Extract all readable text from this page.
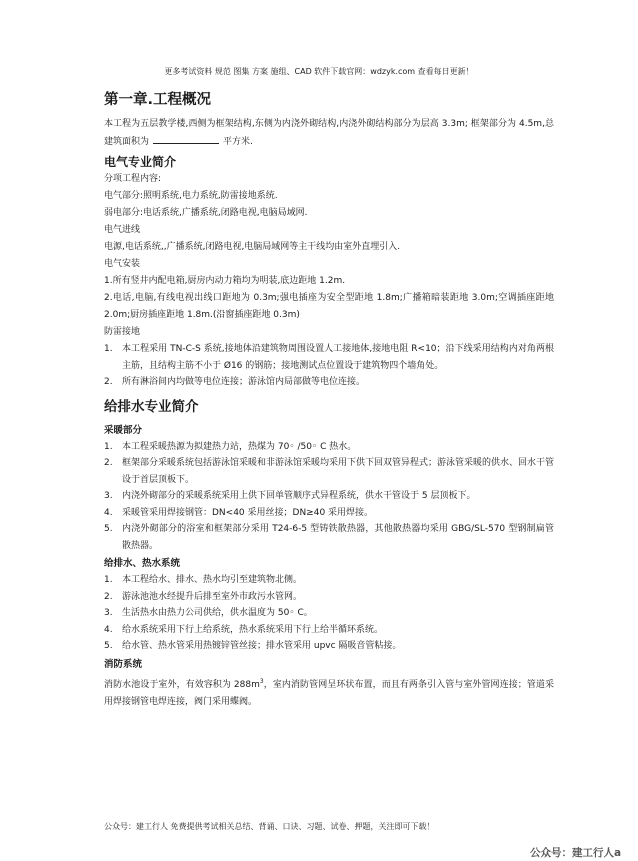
更多考试资料 规范 图集 方案 施组、CAD 软件下载官网：wdzyk.com 查看每日更新！
第一章.工程概况

本工程为五层教学楼,西侧为框架结构,东侧为内浇外砌结构,内浇外砌结构部分为层高 3.3m; 框架部分为 4.5m,总建筑面积为	平方米.

电气专业简介

分项工程内容:

电气部分:照明系统,电力系统,防雷接地系统.

弱电部分:电话系统,广播系统,闭路电视,电脑局域网.

电气进线

电源,电话系统,,广播系统,闭路电视,电脑局域网等主干线均由室外直埋引入.

电气安装

1.所有竖井内配电箱,厨房内动力箱均为明装,底边距地 1.2m.

2.电话,电脑,有线电视出线口距地为 0.3m;强电插座为安全型距地 1.8m;广播箱暗装距地 3.0m;空调插座距地 2.0m;厨房插座距地 1.8m.(沿窗插座距地 0.3m)

防雷接地

1.	本工程采用 TN-C-S 系统,接地体沿建筑物周围设置人工接地体,接地电阻 R<10；沿下线采用结构内对角两根主筋，且结构主筋不小于 Ø16 的钢筋；接地测试点位置设于建筑物四个墙角处。
2.	所有淋浴间内均做等电位连接；游泳馆内局部做等电位连接。
给排水专业简介
采暖部分
1.	本工程采暖热源为拟建热力站，热煤为 70◦ /50◦ C 热水。
2.	框架部分采暖系统包括游泳馆采暖和非游泳馆采暖均采用下供下回双管异程式；游泳管采暖的供水、回水干管设于首层顶板下。
3.	内浇外砌部分的采暖系统采用上供下回单管顺序式异程系统，供水干管设于 5 层顶板下。
4.	采暖管采用焊接钢管：DN<40 采用丝接；DN≥40 采用焊接。
5.	内浇外砌部分的浴室和框架部分采用 T24-6-5 型铸铁散热器，其他散热器均采用 GBG/SL-570 型钢制扁管散热器。
给排水、热水系统
1.	本工程给水、排水、热水均引至建筑物北侧。
2.	游泳池池水经提升后排至室外市政污水管网。
3.	生活热水由热力公司供给，供水温度为 50◦ C。
4.	给水系统采用下行上给系统，热水系统采用下行上给半循环系统。
5.	给水管、热水管采用热镀锌管丝接；排水管采用 upvc 隔吸音管粘接。
消防系统

消防水池设于室外，有效容积为 $288m^3$，室内消防管网呈环状布置，而且有两条引入管与室外管网连接；管道采用焊接钢管电焊连接，阀门采用蝶阀。

公众号：建工行人 免费提供考试相关总结、背诵、口诀、习题、试卷、押题，关注即可下载！
公众号：建工行人a
